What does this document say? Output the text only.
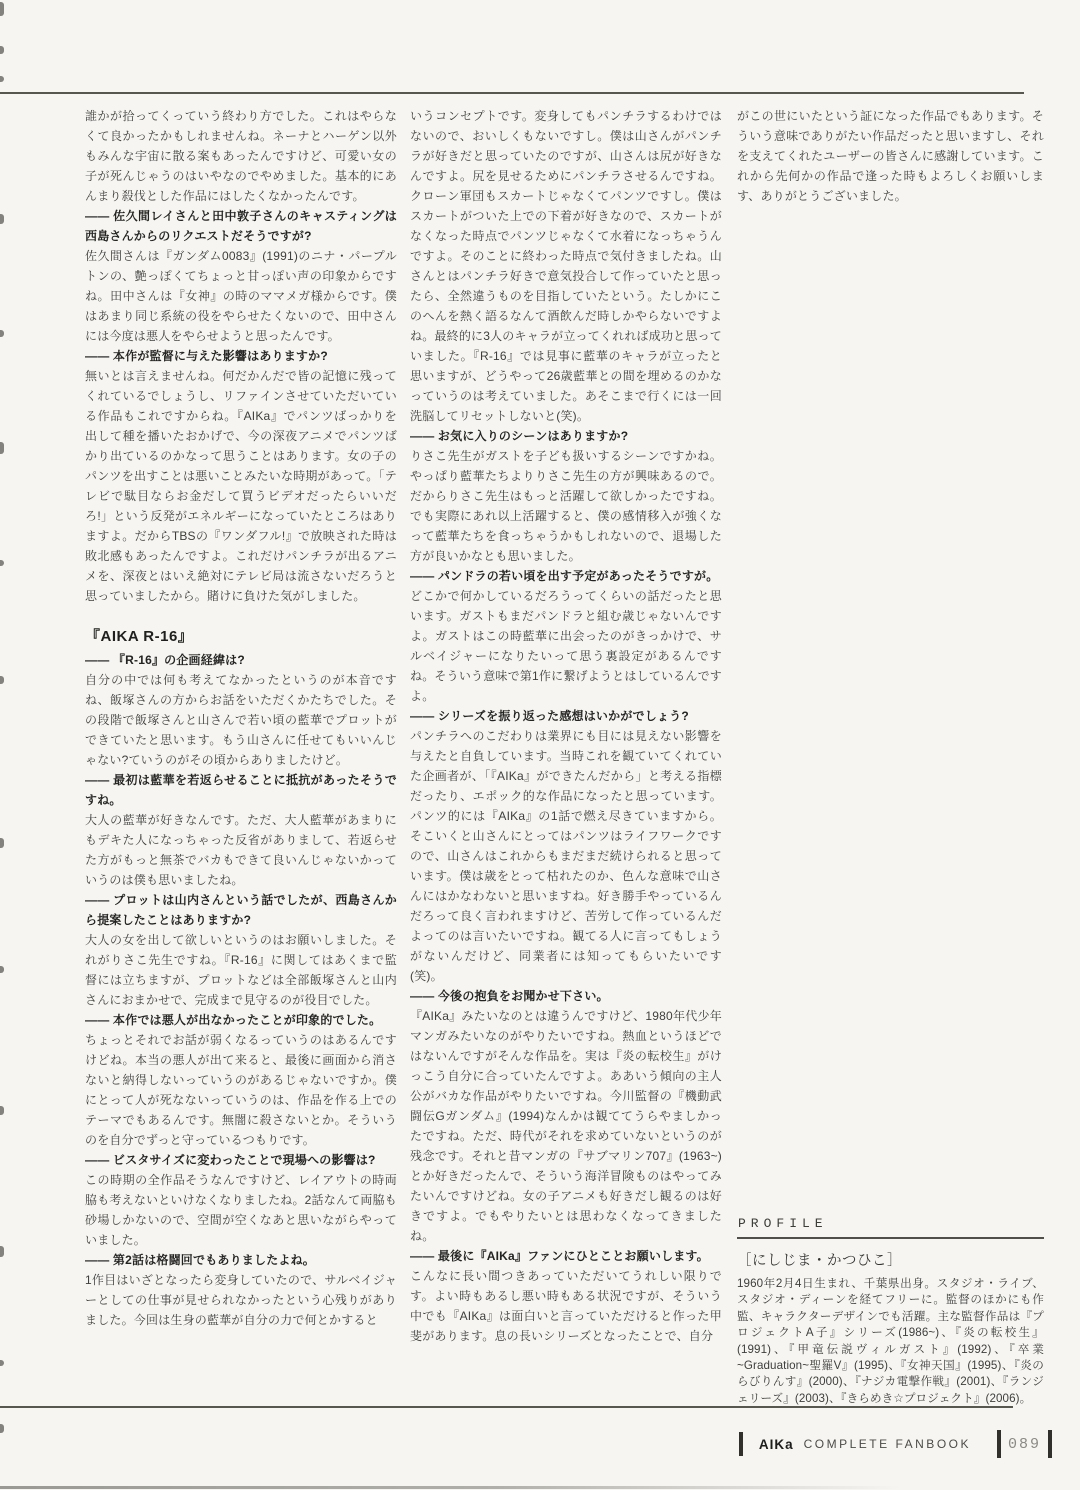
誰かが拾ってくっていう終わり方でした。これはやらなくて良かったかもしれませんね。ネーナとハーゲン以外もみんな宇宙に散る案もあったんですけど、可愛い女の子が死んじゃうのはいやなのでやめました。基本的にあんまり殺伐とした作品にはしたくなかったんです。

―― 佐久間レイさんと田中敦子さんのキャスティングは西島さんからのリクエストだそうですが?

佐久間さんは『ガンダム0083』(1991)のニナ・パープルトンの、艶っぽくてちょっと甘っぽい声の印象からですね。田中さんは『女神』の時のママメガ様からです。僕はあまり同じ系統の役をやらせたくないので、田中さんには今度は悪人をやらせようと思ったんです。

―― 本作が監督に与えた影響はありますか?

無いとは言えませんね。何だかんだで皆の記憶に残ってくれているでしょうし、リファインさせていただいている作品もこれですからね。『AIKa』でパンツばっかりを出して種を播いたおかげで、今の深夜アニメでパンツばかり出ているのかなって思うことはあります。女の子のパンツを出すことは悪いことみたいな時期があって。「テレビで駄目ならお金だして買うビデオだったらいいだろ!」という反発がエネルギーになっていたところはありますよ。だからTBSの『ワンダフル!』で放映された時は敗北感もあったんですよ。これだけパンチラが出るアニメを、深夜とはいえ絶対にテレビ局は流さないだろうと思っていましたから。賭けに負けた気がしました。

『AIKA R-16』

―― 『R-16』の企画経緯は?

自分の中では何も考えてなかったというのが本音ですね、飯塚さんの方からお話をいただくかたちでした。その段階で飯塚さんと山さんで若い頃の藍華でプロットができていたと思います。もう山さんに任せてもいいんじゃない?ていうのがその頃からありましたけど。

―― 最初は藍華を若返らせることに抵抗があったそうですね。

大人の藍華が好きなんです。ただ、大人藍華があまりにもデキた人になっちゃった反省がありまして、若返らせた方がもっと無茶でバカもできて良いんじゃないかっていうのは僕も思いましたね。

―― プロットは山内さんという話でしたが、西島さんから提案したことはありますか?

大人の女を出して欲しいというのはお願いしました。それがりさこ先生ですね。『R-16』に関してはあくまで監督には立ちますが、プロットなどは全部飯塚さんと山内さんにおまかせで、完成まで見守るのが役目でした。

―― 本作では悪人が出なかったことが印象的でした。

ちょっとそれでお話が弱くなるっていうのはあるんですけどね。本当の悪人が出て来ると、最後に画面から消さないと納得しないっていうのがあるじゃないですか。僕にとって人が死なないっていうのは、作品を作る上でのテーマでもあるんです。無闇に殺さないとか。そういうのを自分でずっと守っているつもりです。

―― ビスタサイズに変わったことで現場への影響は?

この時期の全作品そうなんですけど、レイアウトの時両脇も考えないといけなくなりましたね。2話なんて両脇も砂場しかないので、空間が空くなあと思いながらやっていました。

―― 第2話は格闘回でもありましたよね。

1作目はいざとなったら変身していたので、サルベイジャーとしての仕事が見せられなかったという心残りがありました。今回は生身の藍華が自分の力で何とかすると

いうコンセプトです。変身してもパンチラするわけではないので、おいしくもないですし。僕は山さんがパンチラが好きだと思っていたのですが、山さんは尻が好きなんですよ。尻を見せるためにパンチラさせるんですね。クローン軍団もスカートじゃなくてパンツですし。僕はスカートがついた上での下着が好きなので、スカートがなくなった時点でパンツじゃなくて水着になっちゃうんですよ。そのことに終わった時点で気付きましたね。山さんとはパンチラ好きで意気投合して作っていたと思ったら、全然違うものを目指していたという。たしかにこのへんを熱く語るなんて酒飲んだ時しかやらないですよね。最終的に3人のキャラが立ってくれれば成功と思っていました。『R-16』では見事に藍華のキャラが立ったと思いますが、どうやって26歳藍華との間を埋めるのかなっていうのは考えていました。あそこまで行くには一回洗脳してリセットしないと(笑)。

―― お気に入りのシーンはありますか?

りさこ先生がガストを子ども扱いするシーンですかね。やっぱり藍華たちよりりさこ先生の方が興味あるので。だからりさこ先生はもっと活躍して欲しかったですね。でも実際にあれ以上活躍すると、僕の感情移入が強くなって藍華たちを食っちゃうかもしれないので、退場した方が良いかなとも思いました。

―― パンドラの若い頃を出す予定があったそうですが。

どこかで何かしているだろうってくらいの話だったと思います。ガストもまだパンドラと組む歳じゃないんですよ。ガストはこの時藍華に出会ったのがきっかけで、サルベイジャーになりたいって思う裏設定があるんですね。そういう意味で第1作に繋げようとはしているんですよ。

―― シリーズを振り返った感想はいかがでしょう?

パンチラへのこだわりは業界にも目には見えない影響を与えたと自負しています。当時これを観ていてくれていた企画者が、「『AIKa』ができたんだから」と考える指標だったり、エポック的な作品になったと思っています。パンツ的には『AIKa』の1話で燃え尽きていますから。そこいくと山さんにとってはパンツはライフワークですので、山さんはこれからもまだまだ続けられると思っています。僕は歳をとって枯れたのか、色んな意味で山さんにはかなわないと思いますね。好き勝手やっているんだろって良く言われますけど、苦労して作っているんだよってのは言いたいですね。観てる人に言ってもしょうがないんだけど、同業者には知ってもらいたいです(笑)。

―― 今後の抱負をお聞かせ下さい。

『AIKa』みたいなのとは違うんですけど、1980年代少年マンガみたいなのがやりたいですね。熱血というほどではないんですがそんな作品を。実は『炎の転校生』がけっこう自分に合っていたんですよ。ああいう傾向の主人公がバカな作品がやりたいですね。今川監督の『機動武闘伝Gガンダム』(1994)なんかは観ててうらやましかったですね。ただ、時代がそれを求めていないというのが残念です。それと昔マンガの『サブマリン707』(1963~)とか好きだったんで、そういう海洋冒険ものはやってみたいんですけどね。女の子アニメも好きだし観るのは好きですよ。でもやりたいとは思わなくなってきましたね。

―― 最後に『AIKa』ファンにひとことお願いします。

こんなに長い間つきあっていただいてうれしい限りです。よい時もあるし悪い時もある状況ですが、そういう中でも『AIKa』は面白いと言っていただけると作った甲斐があります。息の長いシリーズとなったことで、自分

がこの世にいたという証になった作品でもあります。そういう意味でありがたい作品だったと思いますし、それを支えてくれたユーザーの皆さんに感謝しています。これから先何かの作品で逢った時もよろしくお願いします、ありがとうございました。

PROFILE

［にしじま・かつひこ］

1960年2月4日生まれ、千葉県出身。スタジオ・ライブ、スタジオ・ディーンを経てフリーに。監督のほかにも作監、キャラクターデザインでも活躍。主な監督作品は『プロジェクトA子』シリーズ(1986~)、『炎の転校生』(1991)、『甲竜伝説ヴィルガスト』(1992)、『卒業~Graduation~聖羅V』(1995)、『女神天国』(1995)、『炎のらびりんす』(2000)、『ナジカ電撃作戦』(2001)、『ランジェリーズ』(2003)、『きらめき☆プロジェクト』(2006)。

AIKa COMPLETE FANBOOK 089
